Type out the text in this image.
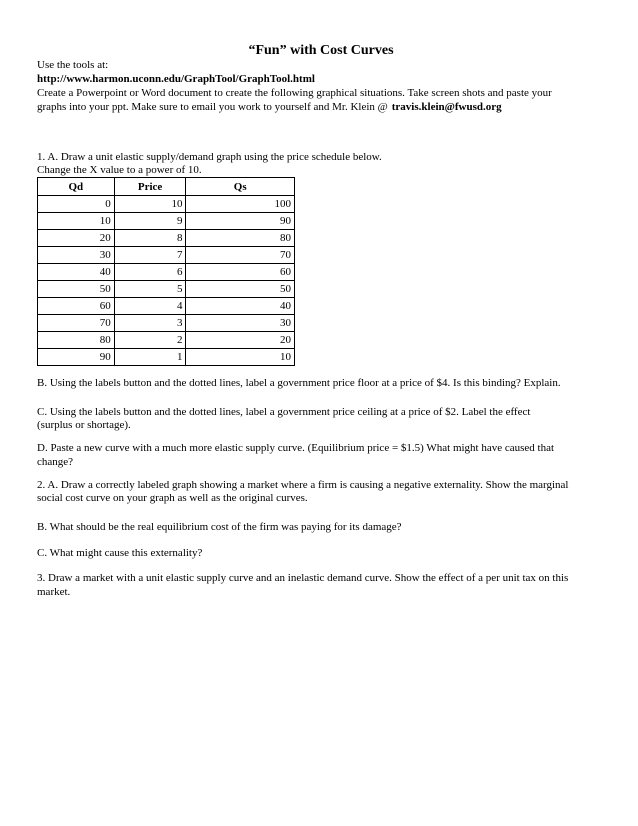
“Fun” with Cost Curves
Use the tools at:
http://www.harmon.uconn.edu/GraphTool/GraphTool.html
Create a Powerpoint or Word document to create the following graphical situations. Take screen shots and paste your
graphs into your ppt. Make sure to email you work to yourself and Mr. Klein @ travis.klein@fwusd.org
1. A. Draw a unit elastic supply/demand graph using the price schedule below.
Change the X value to a power of 10.
Qd	Price	Qs
0	10	100
10	9	90
20	8	80
30	7	70
40	6	60
50	5	50
60	4	40
70	3	30
80	2	20
90	1	10
B. Using the labels button and the dotted lines, label a government price floor at a price of $4. Is this binding? Explain.
C. Using the labels button and the dotted lines, label a government price ceiling at a price of $2. Label the effect
(surplus or shortage).
D. Paste a new curve with a much more elastic supply curve. (Equilibrium price = $1.5) What might have caused that
change?
2. A. Draw a correctly labeled graph showing a market where a firm is causing a negative externality. Show the marginal
social cost curve on your graph as well as the original curves.
B. What should be the real equilibrium cost of the firm was paying for its damage?
C. What might cause this externality?
3. Draw a market with a unit elastic supply curve and an inelastic demand curve. Show the effect of a per unit tax on this
market.
